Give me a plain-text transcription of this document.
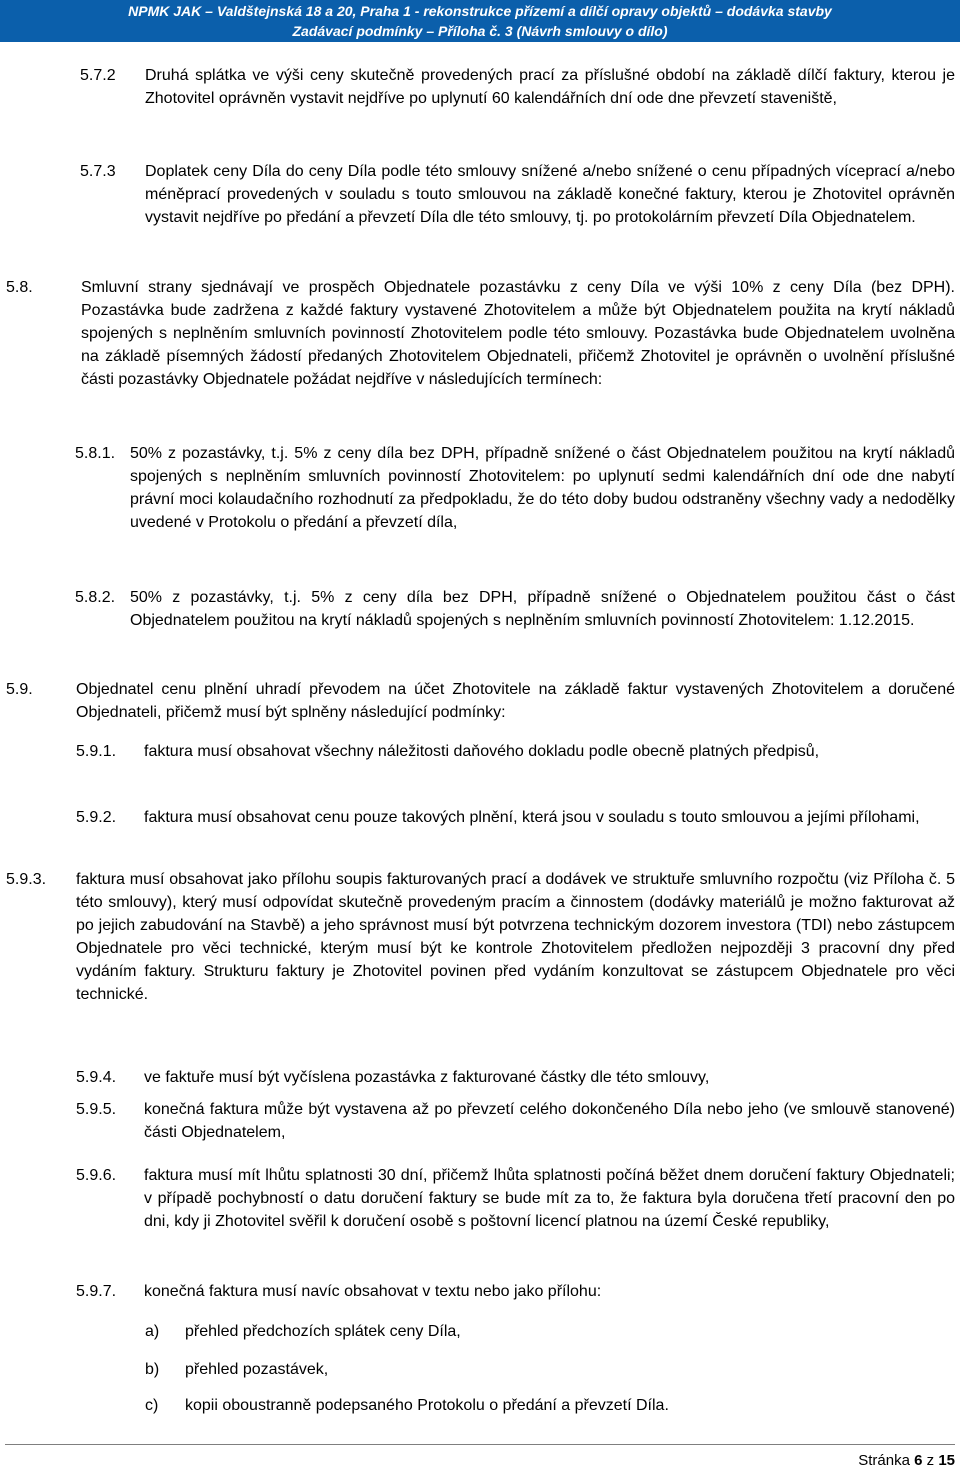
NPMK JAK – Valdštejnská 18 a 20, Praha 1 - rekonstrukce přízemí a dílčí opravy objektů – dodávka stavby
Zadávací podmínky – Příloha č. 3 (Návrh smlouvy o dílo)
5.7.2 Druhá splátka ve výši ceny skutečně provedených prací za příslušné období na základě dílčí faktury, kterou je Zhotovitel oprávněn vystavit nejdříve po uplynutí 60 kalendářních dní ode dne převzetí staveniště,
5.7.3 Doplatek ceny Díla do ceny Díla podle této smlouvy snížené a/nebo snížené o cenu případných víceprací a/nebo méněprací provedených v souladu s touto smlouvou na základě konečné faktury, kterou je Zhotovitel oprávněn vystavit nejdříve po předání a převzetí Díla dle této smlouvy, tj. po protokolárním převzetí Díla Objednatelem.
5.8.	Smluvní strany sjednávají ve prospěch Objednatele pozastávku z ceny Díla ve výši 10% z ceny Díla (bez DPH). Pozastávka bude zadržena z každé faktury vystavené Zhotovitelem a může být Objednatelem použita na krytí nákladů spojených s neplněním smluvních povinností Zhotovitelem podle této smlouvy. Pozastávka bude Objednatelem uvolněna na základě písemných žádostí předaných Zhotovitelem Objednateli, přičemž Zhotovitel je oprávněn o uvolnění příslušné části pozastávky Objednatele požádat nejdříve v následujících termínech:
5.8.1. 50% z pozastávky, t.j. 5% z ceny díla bez DPH, případně snížené o část Objednatelem použitou na krytí nákladů spojených s neplněním smluvních povinností Zhotovitelem: po uplynutí sedmi kalendářních dní ode dne nabytí právní moci kolaudačního rozhodnutí za předpokladu, že do této doby budou odstraněny všechny vady a nedodělky uvedené v Protokolu o předání a převzetí díla,
5.8.2. 50% z pozastávky, t.j. 5% z ceny díla bez DPH, případně snížené o Objednatelem použitou část o část Objednatelem použitou na krytí nákladů spojených s neplněním smluvních povinností Zhotovitelem: 1.12.2015.
5.9.	Objednatel cenu plnění uhradí převodem na účet Zhotovitele na základě faktur vystavených Zhotovitelem a doručené Objednateli, přičemž musí být splněny následující podmínky:
5.9.1. faktura musí obsahovat všechny náležitosti daňového dokladu podle obecně platných předpisů,
5.9.2. faktura musí obsahovat cenu pouze takových plnění, která jsou v souladu s touto smlouvou a jejími přílohami,
5.9.3. faktura musí obsahovat jako přílohu soupis fakturovaných prací a dodávek ve struktuře smluvního rozpočtu (viz Příloha č. 5 této smlouvy), který musí odpovídat skutečně provedeným pracím a činnostem (dodávky materiálů je možno fakturovat až po jejich zabudování na Stavbě) a jeho správnost musí být potvrzena technickým dozorem investora (TDI) nebo zástupcem Objednatele pro věci technické, kterým musí být ke kontrole Zhotovitelem předložen nejpozději 3 pracovní dny před vydáním faktury. Strukturu faktury je Zhotovitel povinen před vydáním konzultovat se zástupcem Objednatele pro věci technické.
5.9.4. ve faktuře musí být vyčíslena pozastávka z fakturované částky dle této smlouvy,
5.9.5. konečná faktura může být vystavena až po převzetí celého dokončeného Díla nebo jeho (ve smlouvě stanovené) části Objednatelem,
5.9.6. faktura musí mít lhůtu splatnosti 30 dní, přičemž lhůta splatnosti počíná běžet dnem doručení faktury Objednateli; v případě pochybností o datu doručení faktury se bude mít za to, že faktura byla doručena třetí pracovní den po dni, kdy ji Zhotovitel svěřil k doručení osobě s poštovní licencí platnou na území České republiky,
5.9.7. konečná faktura musí navíc obsahovat v textu nebo jako přílohu:
a) přehled předchozích splátek ceny Díla,
b) přehled pozastávek,
c) kopii oboustranně podepsaného Protokolu o předání a převzetí Díla.
Stránka 6 z 15
